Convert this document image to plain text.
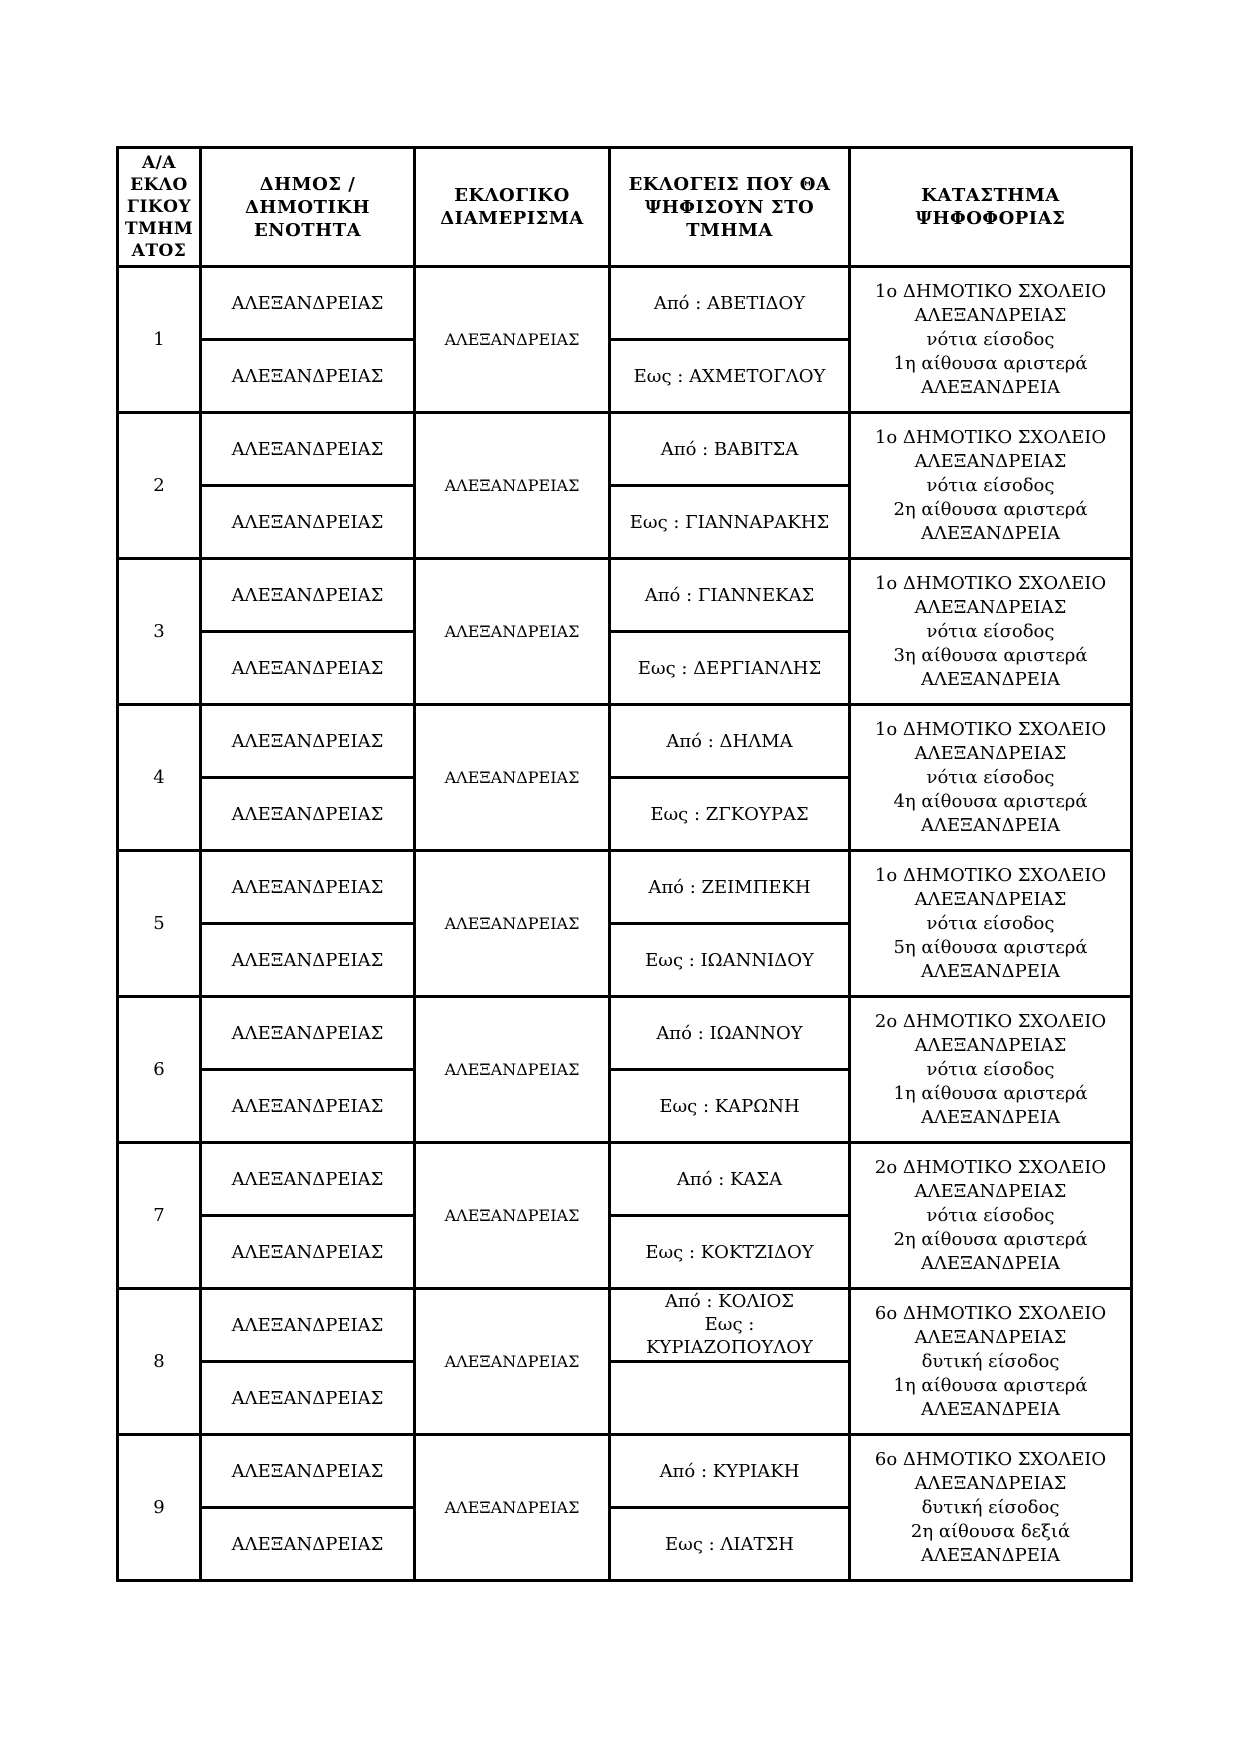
Α/Α
ΕΚΛΟ
ΓΙΚΟΥ
ΤΜΗΜ
ΑΤΟΣ	ΔΗΜΟΣ /
ΔΗΜΟΤΙΚΗ
ΕΝΟΤΗΤΑ	ΕΚΛΟΓΙΚΟ
ΔΙΑΜΕΡΙΣΜΑ	ΕΚΛΟΓΕΙΣ ΠΟΥ ΘΑ
ΨΗΦΙΣΟΥΝ ΣΤΟ
ΤΜΗΜΑ	ΚΑΤΑΣΤΗΜΑ
ΨΗΦΟΦΟΡΙΑΣ

1	ΑΛΕΞΑΝΔΡΕΙΑΣ	ΑΛΕΞΑΝΔΡΕΙΑΣ	Από : ΑΒΕΤΙΔΟΥ	1ο ΔΗΜΟΤΙΚΟ ΣΧΟΛΕΙΟ
ΑΛΕΞΑΝΔΡΕΙΑΣ
νότια είσοδος
1η αίθουσα αριστερά
ΑΛΕΞΑΝΔΡΕΙΑ

	ΑΛΕΞΑΝΔΡΕΙΑΣ		Εως : ΑΧΜΕΤΟΓΛΟΥ	
2	ΑΛΕΞΑΝΔΡΕΙΑΣ	ΑΛΕΞΑΝΔΡΕΙΑΣ	Από : ΒΑΒΙΤΣΑ	1ο ΔΗΜΟΤΙΚΟ ΣΧΟΛΕΙΟ
ΑΛΕΞΑΝΔΡΕΙΑΣ
νότια είσοδος
2η αίθουσα αριστερά
ΑΛΕΞΑΝΔΡΕΙΑ

	ΑΛΕΞΑΝΔΡΕΙΑΣ		Εως : ΓΙΑΝΝΑΡΑΚΗΣ	
3	ΑΛΕΞΑΝΔΡΕΙΑΣ	ΑΛΕΞΑΝΔΡΕΙΑΣ	Από : ΓΙΑΝΝΕΚΑΣ	1ο ΔΗΜΟΤΙΚΟ ΣΧΟΛΕΙΟ
ΑΛΕΞΑΝΔΡΕΙΑΣ
νότια είσοδος
3η αίθουσα αριστερά
ΑΛΕΞΑΝΔΡΕΙΑ

	ΑΛΕΞΑΝΔΡΕΙΑΣ		Εως : ΔΕΡΓΙΑΝΛΗΣ	
4	ΑΛΕΞΑΝΔΡΕΙΑΣ	ΑΛΕΞΑΝΔΡΕΙΑΣ	Από : ΔΗΛΜΑ	1ο ΔΗΜΟΤΙΚΟ ΣΧΟΛΕΙΟ
ΑΛΕΞΑΝΔΡΕΙΑΣ
νότια είσοδος
4η αίθουσα αριστερά
ΑΛΕΞΑΝΔΡΕΙΑ

	ΑΛΕΞΑΝΔΡΕΙΑΣ		Εως : ΖΓΚΟΥΡΑΣ	
5	ΑΛΕΞΑΝΔΡΕΙΑΣ	ΑΛΕΞΑΝΔΡΕΙΑΣ	Από : ΖΕΙΜΠΕΚΗ	1ο ΔΗΜΟΤΙΚΟ ΣΧΟΛΕΙΟ
ΑΛΕΞΑΝΔΡΕΙΑΣ
νότια είσοδος
5η αίθουσα αριστερά
ΑΛΕΞΑΝΔΡΕΙΑ

	ΑΛΕΞΑΝΔΡΕΙΑΣ		Εως : ΙΩΑΝΝΙΔΟΥ	
6	ΑΛΕΞΑΝΔΡΕΙΑΣ	ΑΛΕΞΑΝΔΡΕΙΑΣ	Από : ΙΩΑΝΝΟΥ	2ο ΔΗΜΟΤΙΚΟ ΣΧΟΛΕΙΟ
ΑΛΕΞΑΝΔΡΕΙΑΣ
νότια είσοδος
1η αίθουσα αριστερά
ΑΛΕΞΑΝΔΡΕΙΑ

	ΑΛΕΞΑΝΔΡΕΙΑΣ		Εως : ΚΑΡΩΝΗ	
7	ΑΛΕΞΑΝΔΡΕΙΑΣ	ΑΛΕΞΑΝΔΡΕΙΑΣ	Από : ΚΑΣΑ	2ο ΔΗΜΟΤΙΚΟ ΣΧΟΛΕΙΟ
ΑΛΕΞΑΝΔΡΕΙΑΣ
νότια είσοδος
2η αίθουσα αριστερά
ΑΛΕΞΑΝΔΡΕΙΑ

	ΑΛΕΞΑΝΔΡΕΙΑΣ		Εως : ΚΟΚΤΖΙΔΟΥ	
8	ΑΛΕΞΑΝΔΡΕΙΑΣ	ΑΛΕΞΑΝΔΡΕΙΑΣ	Από : ΚΟΛΙΟΣ
Εως :
ΚΥΡΙΑΖΟΠΟΥΛΟΥ	6ο ΔΗΜΟΤΙΚΟ ΣΧΟΛΕΙΟ
ΑΛΕΞΑΝΔΡΕΙΑΣ
δυτική είσοδος
1η αίθουσα αριστερά
ΑΛΕΞΑΝΔΡΕΙΑ

	ΑΛΕΞΑΝΔΡΕΙΑΣ			
9	ΑΛΕΞΑΝΔΡΕΙΑΣ	ΑΛΕΞΑΝΔΡΕΙΑΣ	Από : ΚΥΡΙΑΚΗ	6ο ΔΗΜΟΤΙΚΟ ΣΧΟΛΕΙΟ
ΑΛΕΞΑΝΔΡΕΙΑΣ
δυτική είσοδος
2η αίθουσα δεξιά
ΑΛΕΞΑΝΔΡΕΙΑ

	ΑΛΕΞΑΝΔΡΕΙΑΣ		Εως : ΛΙΑΤΣΗ	
